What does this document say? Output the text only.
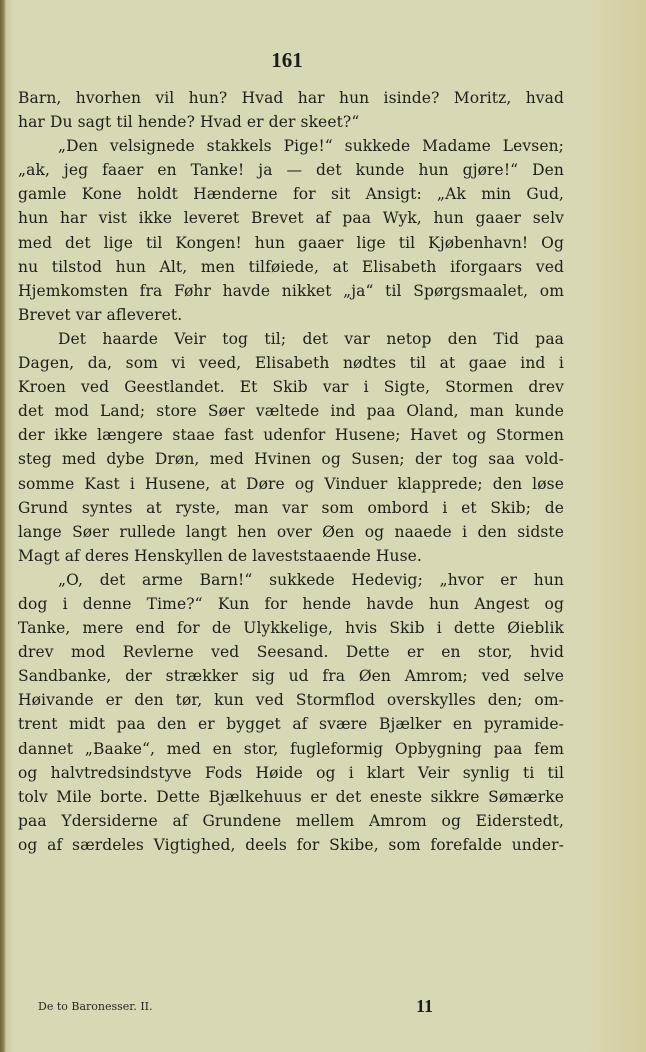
161
Barn, hvorhen vil hun? Hvad har hun isinde? Moritz, hvad
har Du sagt til hende? Hvad er der skeet?“
„Den velsignede stakkels Pige!“ sukkede Madame Levsen;
„ak, jeg faaer en Tanke! ja — det kunde hun gjøre!“ Den
gamle Kone holdt Hænderne for sit Ansigt: „Ak min Gud,
hun har vist ikke leveret Brevet af paa Wyk, hun gaaer selv
med det lige til Kongen! hun gaaer lige til Kjøbenhavn! Og
nu tilstod hun Alt, men tilføiede, at Elisabeth iforgaars ved
Hjemkomsten fra Føhr havde nikket „ja“ til Spørgsmaalet, om
Brevet var afleveret.
Det haarde Veir tog til; det var netop den Tid paa
Dagen, da, som vi veed, Elisabeth nødtes til at gaae ind i
Kroen ved Geestlandet. Et Skib var i Sigte, Stormen drev
det mod Land; store Søer væltede ind paa Oland, man kunde
der ikke længere staae fast udenfor Husene; Havet og Stormen
steg med dybe Drøn, med Hvinen og Susen; der tog saa vold-
somme Kast i Husene, at Døre og Vinduer klapprede; den løse
Grund syntes at ryste, man var som ombord i et Skib; de
lange Søer rullede langt hen over Øen og naaede i den sidste
Magt af deres Henskyllen de laveststaaende Huse.
„O, det arme Barn!“ sukkede Hedevig; „hvor er hun
dog i denne Time?“ Kun for hende havde hun Angest og
Tanke, mere end for de Ulykkelige, hvis Skib i dette Øieblik
drev mod Revlerne ved Seesand. Dette er en stor, hvid
Sandbanke, der strækker sig ud fra Øen Amrom; ved selve
Høivande er den tør, kun ved Stormflod overskylles den; om-
trent midt paa den er bygget af svære Bjælker en pyramide-
dannet „Baake“, med en stor, fugleformig Opbygning paa fem
og halvtredsindstyve Fods Høide og i klart Veir synlig ti til
tolv Mile borte. Dette Bjælkehuus er det eneste sikkre Sømærke
paa Ydersiderne af Grundene mellem Amrom og Eiderstedt,
og af særdeles Vigtighed, deels for Skibe, som forefalde under-
De to Baronesser. II.	11
